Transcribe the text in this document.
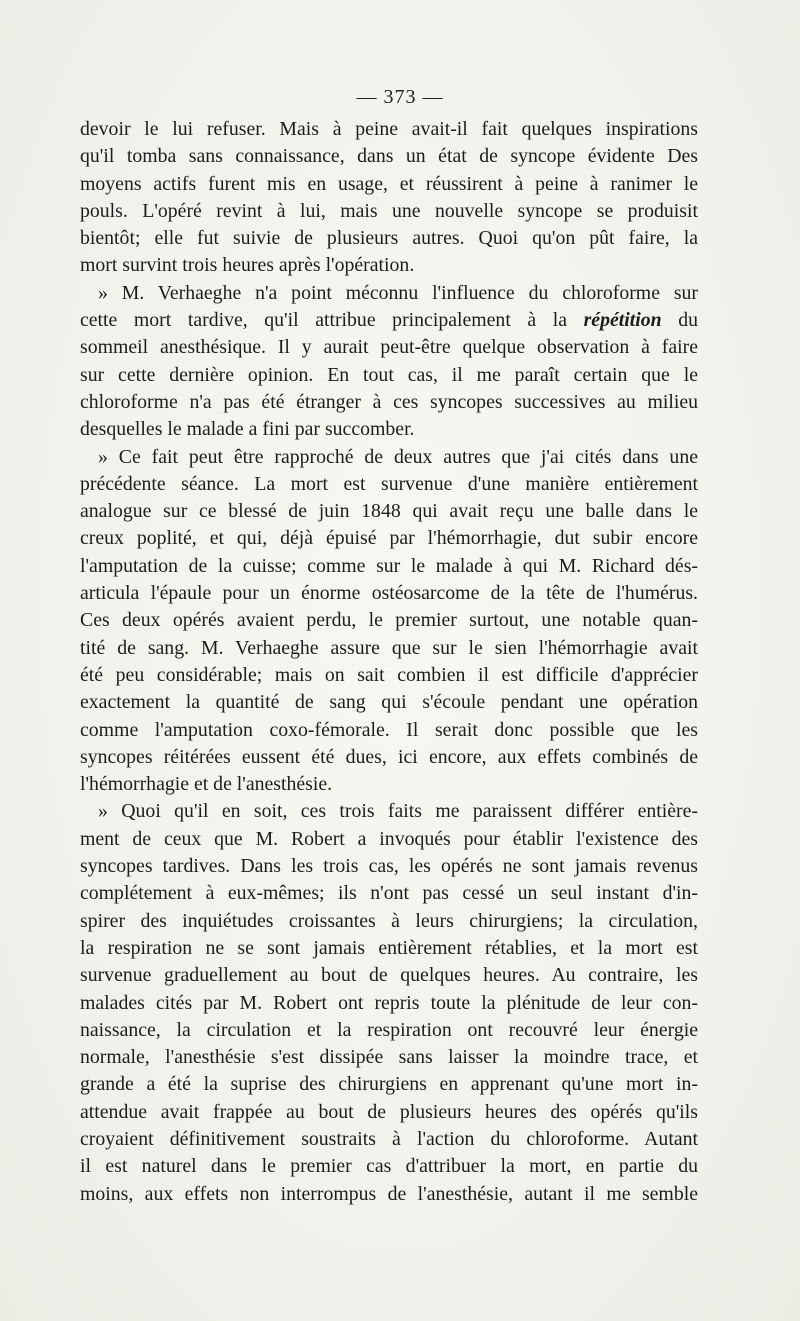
— 373 —
devoir le lui refuser. Mais à peine avait-il fait quelques inspirations
qu'il tomba sans connaissance, dans un état de syncope évidente Des
moyens actifs furent mis en usage, et réussirent à peine à ranimer le
pouls. L'opéré revint à lui, mais une nouvelle syncope se produisit
bientôt; elle fut suivie de plusieurs autres. Quoi qu'on pût faire, la
mort survint trois heures après l'opération.
» M. Verhaeghe n'a point méconnu l'influence du chloroforme sur
cette mort tardive, qu'il attribue principalement à la répétition du
sommeil anesthésique. Il y aurait peut-être quelque observation à faire
sur cette dernière opinion. En tout cas, il me paraît certain que le
chloroforme n'a pas été étranger à ces syncopes successives au milieu
desquelles le malade a fini par succomber.
» Ce fait peut être rapproché de deux autres que j'ai cités dans une
précédente séance. La mort est survenue d'une manière entièrement
analogue sur ce blessé de juin 1848 qui avait reçu une balle dans le
creux poplité, et qui, déjà épuisé par l'hémorrhagie, dut subir encore
l'amputation de la cuisse; comme sur le malade à qui M. Richard dés-
articula l'épaule pour un énorme ostéosarcome de la tête de l'humérus.
Ces deux opérés avaient perdu, le premier surtout, une notable quan-
tité de sang. M. Verhaeghe assure que sur le sien l'hémorrhagie avait
été peu considérable; mais on sait combien il est difficile d'apprécier
exactement la quantité de sang qui s'écoule pendant une opération
comme l'amputation coxo-fémorale. Il serait donc possible que les
syncopes réitérées eussent été dues, ici encore, aux effets combinés de
l'hémorrhagie et de l'anesthésie.
» Quoi qu'il en soit, ces trois faits me paraissent différer entière-
ment de ceux que M. Robert a invoqués pour établir l'existence des
syncopes tardives. Dans les trois cas, les opérés ne sont jamais revenus
complétement à eux-mêmes; ils n'ont pas cessé un seul instant d'in-
spirer des inquiétudes croissantes à leurs chirurgiens; la circulation,
la respiration ne se sont jamais entièrement rétablies, et la mort est
survenue graduellement au bout de quelques heures. Au contraire, les
malades cités par M. Robert ont repris toute la plénitude de leur con-
naissance, la circulation et la respiration ont recouvré leur énergie
normale, l'anesthésie s'est dissipée sans laisser la moindre trace, et
grande a été la suprise des chirurgiens en apprenant qu'une mort in-
attendue avait frappée au bout de plusieurs heures des opérés qu'ils
croyaient définitivement soustraits à l'action du chloroforme. Autant
il est naturel dans le premier cas d'attribuer la mort, en partie du
moins, aux effets non interrompus de l'anesthésie, autant il me semble
